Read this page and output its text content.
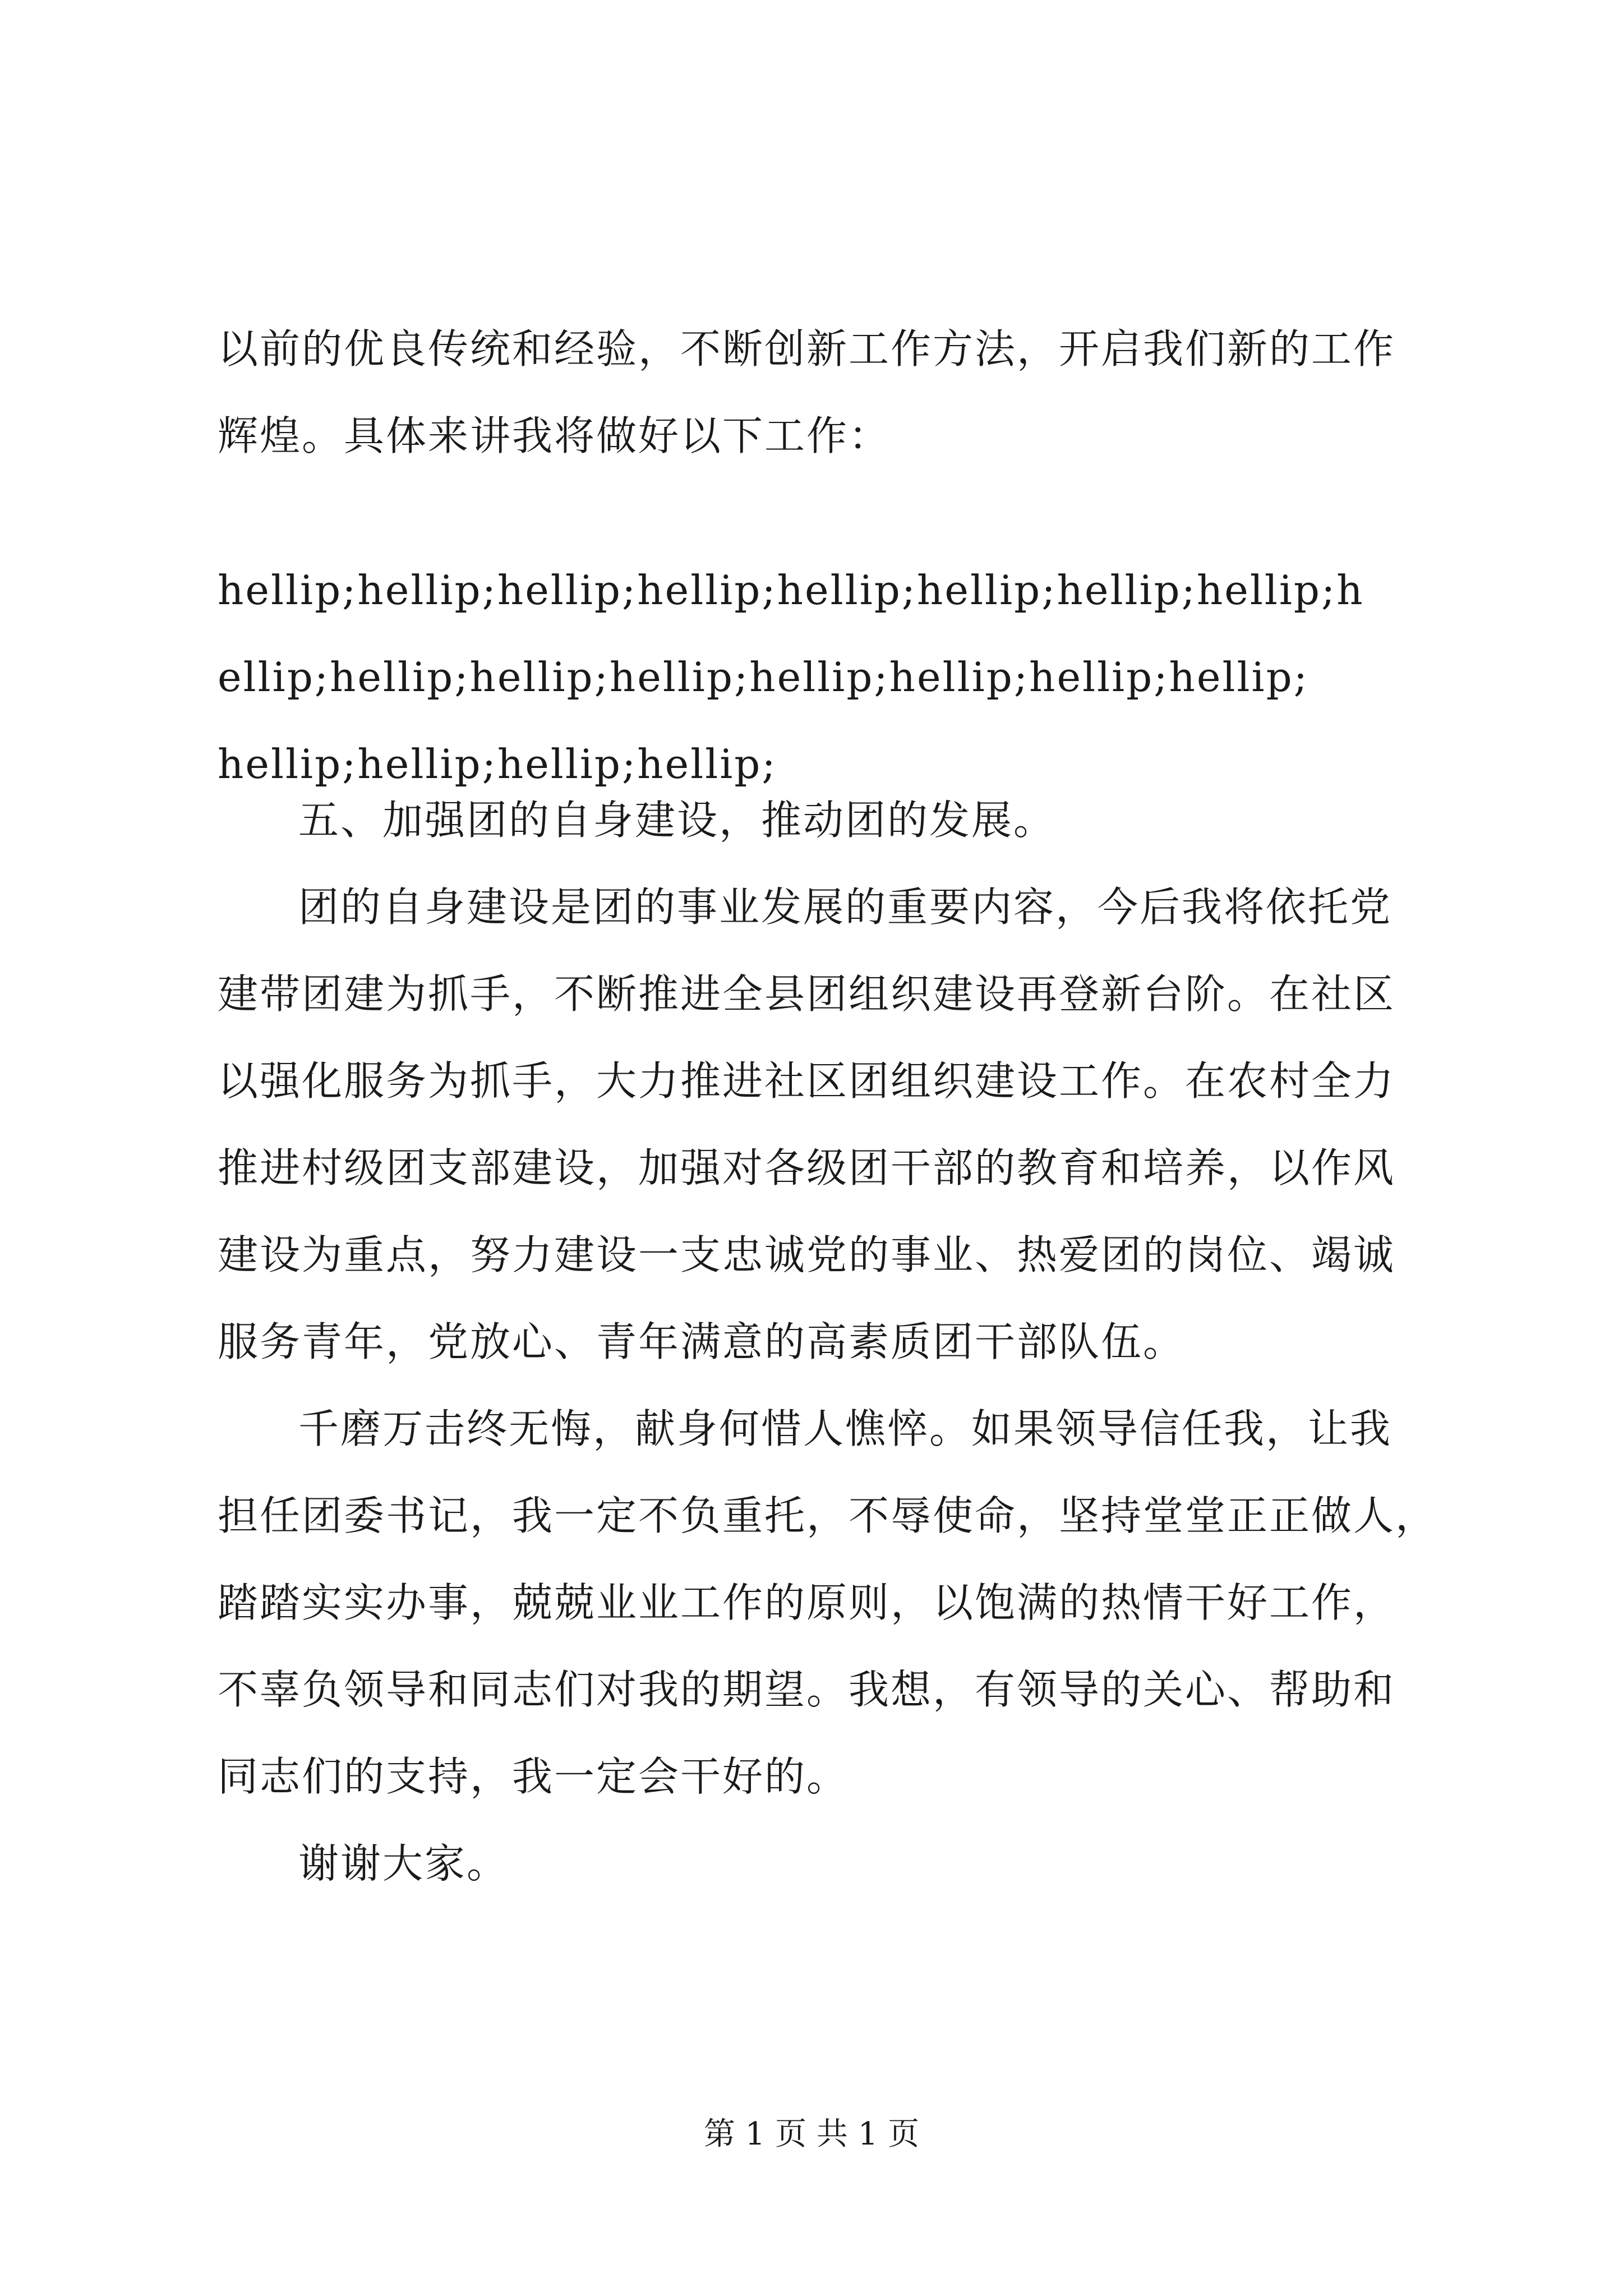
以前的优良传统和经验，不断创新工作方法，开启我们新的工作
辉煌。具体来讲我将做好以下工作：
hellip;hellip;hellip;hellip;hellip;hellip;hellip;hellip;h
ellip;hellip;hellip;hellip;hellip;hellip;hellip;hellip;
hellip;hellip;hellip;hellip;
五、加强团的自身建设，推动团的发展。
团的自身建设是团的事业发展的重要内容，今后我将依托党
建带团建为抓手，不断推进全县团组织建设再登新台阶。在社区
以强化服务为抓手，大力推进社区团组织建设工作。在农村全力
推进村级团支部建设，加强对各级团干部的教育和培养，以作风
建设为重点，努力建设一支忠诚党的事业、热爱团的岗位、竭诚
服务青年，党放心、青年满意的高素质团干部队伍。
千磨万击终无悔，献身何惜人憔悴。如果领导信任我，让我
担任团委书记，我一定不负重托，不辱使命，坚持堂堂正正做人，
踏踏实实办事，兢兢业业工作的原则，以饱满的热情干好工作，
不辜负领导和同志们对我的期望。我想，有领导的关心、帮助和
同志们的支持，我一定会干好的。
谢谢大家。
第 1 页 共 1 页
